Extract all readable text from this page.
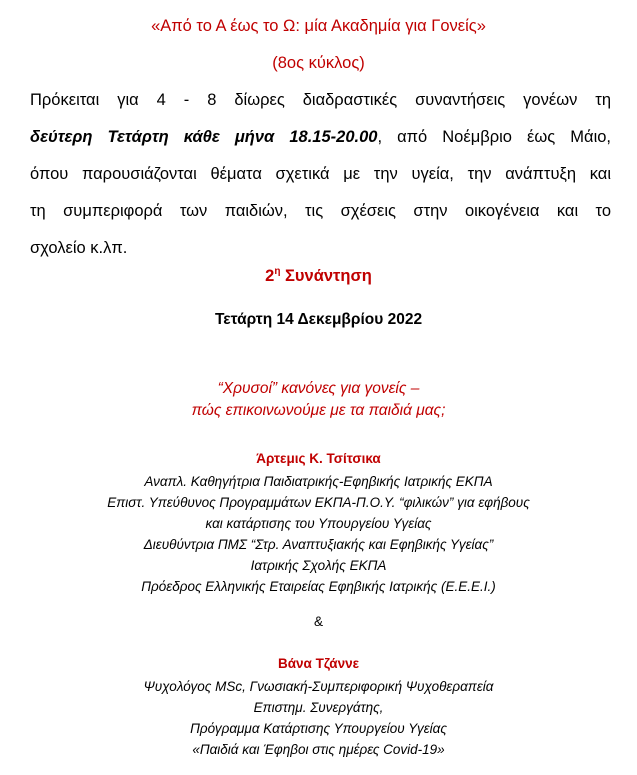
«Από το Α έως το Ω: μία Ακαδημία για Γονείς»
(8ος κύκλος)
Πρόκειται για 4 - 8 δίωρες διαδραστικές συναντήσεις γονέων τη
δεύτερη Τετάρτη κάθε μήνα 18.15-20.00, από Νοέμβριο έως Μάιο,
όπου παρουσιάζονται θέματα σχετικά με την υγεία, την ανάπτυξη και
τη συμπεριφορά των παιδιών, τις σχέσεις στην οικογένεια και το
σχολείο κ.λπ.
$2^\eta$ Συνάντηση
Τετάρτη 14 Δεκεμβρίου 2022
“Χρυσοί” κανόνες για γονείς –
πώς επικοινωνούμε με τα παιδιά μας;
Άρτεμις Κ. Τσίτσικα
Αναπλ. Καθηγήτρια Παιδιατρικής-Εφηβικής Ιατρικής ΕΚΠΑ
Επιστ. Υπεύθυνος Προγραμμάτων ΕΚΠΑ-Π.Ο.Υ. “φιλικών” για εφήβους
και κατάρτισης του Υπουργείου Υγείας
Διευθύντρια ΠΜΣ “Στρ. Αναπτυξιακής και Εφηβικής Υγείας”
Ιατρικής Σχολής ΕΚΠΑ
Πρόεδρος Ελληνικής Εταιρείας Εφηβικής Ιατρικής (Ε.Ε.Ε.Ι.)
&
Βάνα Τζάννε
Ψυχολόγος MSc, Γνωσιακή-Συμπεριφορική Ψυχοθεραπεία
Επιστημ. Συνεργάτης,
Πρόγραμμα Κατάρτισης Υπουργείου Υγείας
«Παιδιά και Έφηβοι στις ημέρες Covid-19»
